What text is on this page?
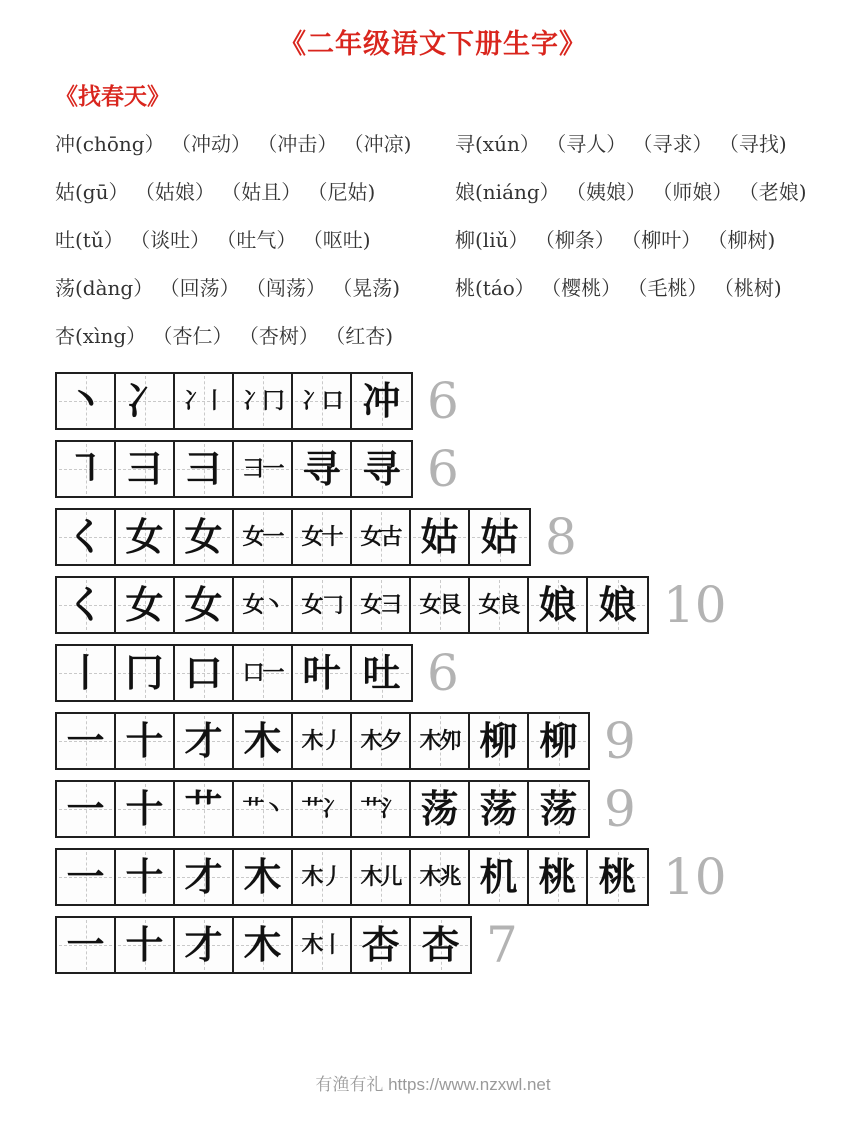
《二年级语文下册生字》
《找春天》
冲(chōng） （冲动） （冲击） （冲凉)
姑(gū） （姑娘） （姑且） （尼姑)
吐(tǔ） （谈吐） （吐气） （呕吐)
荡(dàng） （回荡） （闯荡） （晃荡)
杏(xìng） （杏仁） （杏树） （红杏)
寻(xún） （寻人） （寻求） （寻找)
娘(niáng） （姨娘） （师娘） （老娘)
柳(liǔ） （柳条） （柳叶） （柳树)
桃(táo） （樱桃） （毛桃） （桃树)
丶 冫 冫丨 冫冂 冫口 冲 6
㇕ ⺕ 彐 彐一 寻 寻 6
く 女 女 女一 女十 女古 姑 姑 8
く 女 女 女丶 女𠃌 女彐 女艮 女良 娘 娘 10
丨 冂 口 口一 叶 吐 6
一 十 才 木 木丿 木夕 木夘 柳 柳 9
一 十 艹 艹丶 艹冫 艹氵 荡 荡 荡 9
一 十 才 木 木丿 木儿 木兆 机 桃 桃 10
一 十 才 木 木丨 杏 杏 7
有渔有礼 https://www.nzxwl.net
